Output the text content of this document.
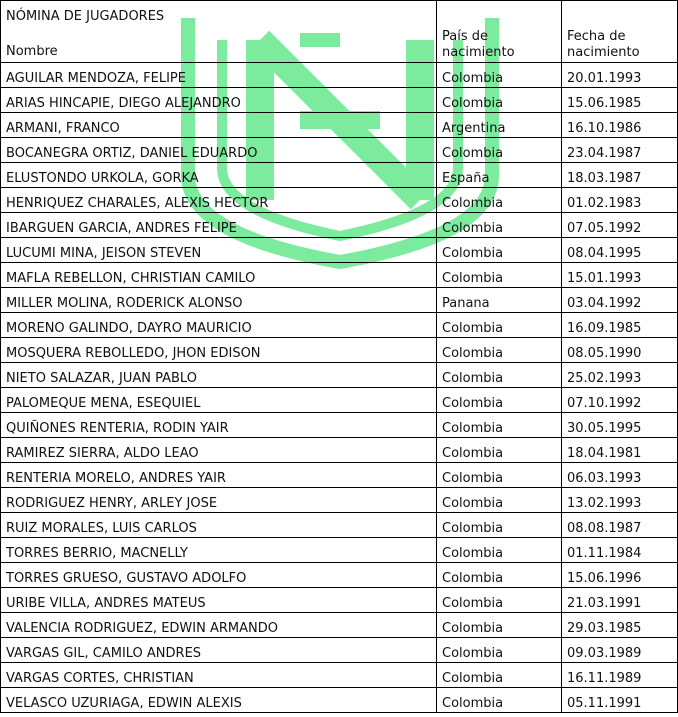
NÓMINA DE JUGADORES
Nombre	País de nacimiento	Fecha de nacimiento
AGUILAR MENDOZA, FELIPE	Colombia	20.01.1993
ARIAS HINCAPIE, DIEGO ALEJANDRO	Colombia	15.06.1985
ARMANI, FRANCO	Argentina	16.10.1986
BOCANEGRA ORTIZ, DANIEL EDUARDO	Colombia	23.04.1987
ELUSTONDO URKOLA, GORKA	España	18.03.1987
HENRIQUEZ CHARALES, ALEXIS HECTOR	Colombia	01.02.1983
IBARGUEN GARCIA, ANDRES FELIPE	Colombia	07.05.1992
LUCUMI MINA, JEISON STEVEN	Colombia	08.04.1995
MAFLA REBELLON, CHRISTIAN CAMILO	Colombia	15.01.1993
MILLER MOLINA, RODERICK ALONSO	Panana	03.04.1992
MORENO GALINDO, DAYRO MAURICIO	Colombia	16.09.1985
MOSQUERA REBOLLEDO, JHON EDISON	Colombia	08.05.1990
NIETO SALAZAR, JUAN PABLO	Colombia	25.02.1993
PALOMEQUE MENA, ESEQUIEL	Colombia	07.10.1992
QUIÑONES RENTERIA, RODIN YAIR	Colombia	30.05.1995
RAMIREZ SIERRA, ALDO LEAO	Colombia	18.04.1981
RENTERIA MORELO, ANDRES YAIR	Colombia	06.03.1993
RODRIGUEZ HENRY, ARLEY JOSE	Colombia	13.02.1993
RUIZ MORALES, LUIS CARLOS	Colombia	08.08.1987
TORRES BERRIO, MACNELLY	Colombia	01.11.1984
TORRES GRUESO, GUSTAVO ADOLFO	Colombia	15.06.1996
URIBE VILLA, ANDRES MATEUS	Colombia	21.03.1991
VALENCIA RODRIGUEZ, EDWIN ARMANDO	Colombia	29.03.1985
VARGAS GIL, CAMILO ANDRES	Colombia	09.03.1989
VARGAS CORTES, CHRISTIAN	Colombia	16.11.1989
VELASCO UZURIAGA, EDWIN ALEXIS	Colombia	05.11.1991
